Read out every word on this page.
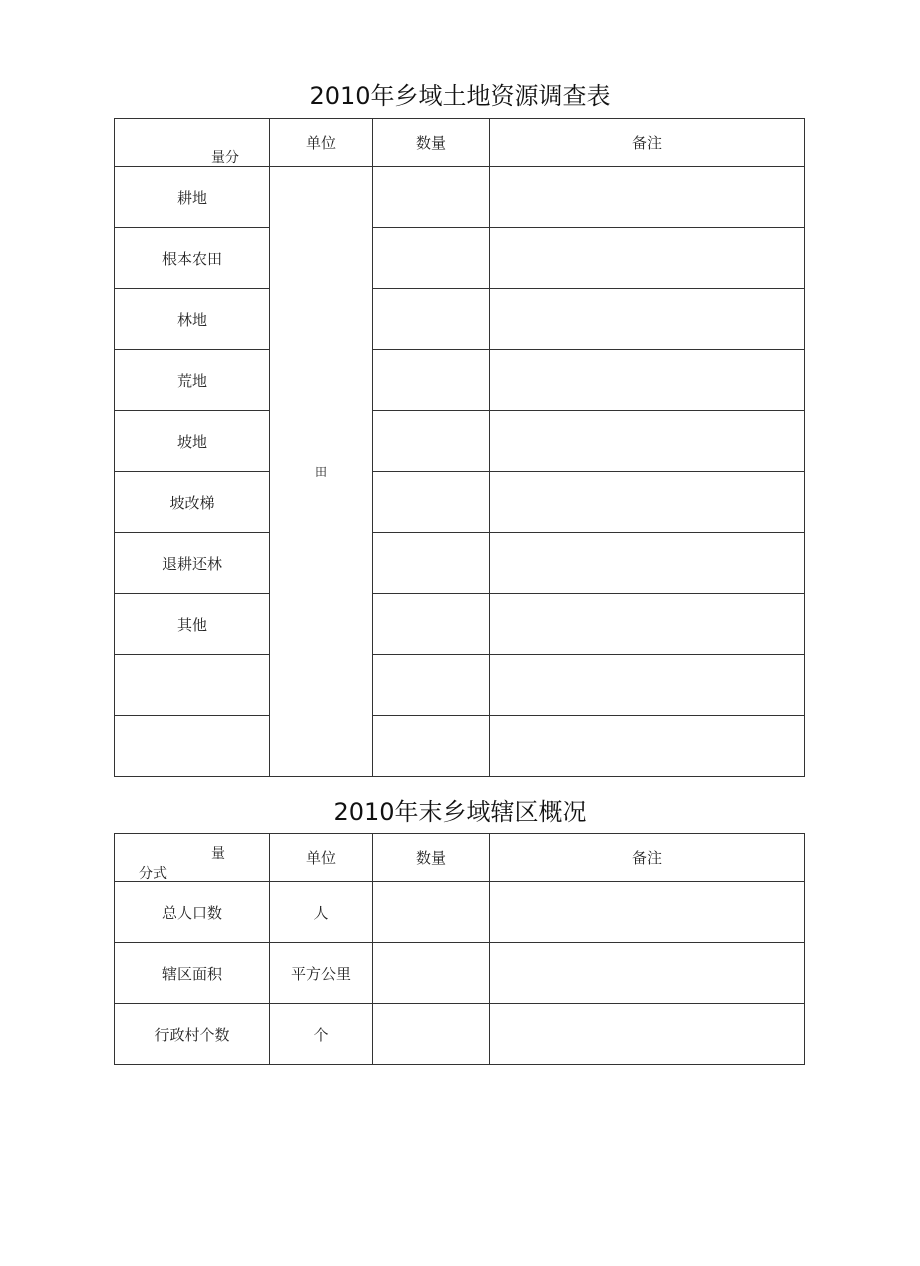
2010年乡域土地资源调查表
量分	单位	数量	备注
耕地	田		
根本农田			
林地			
荒地			
坡地			
坡改梯			
退耕还林			
其他			

2010年末乡域辖区概况
量
分式	单位	数量	备注
总人口数	人		
辖区面积	平方公里		
行政村个数	个		
